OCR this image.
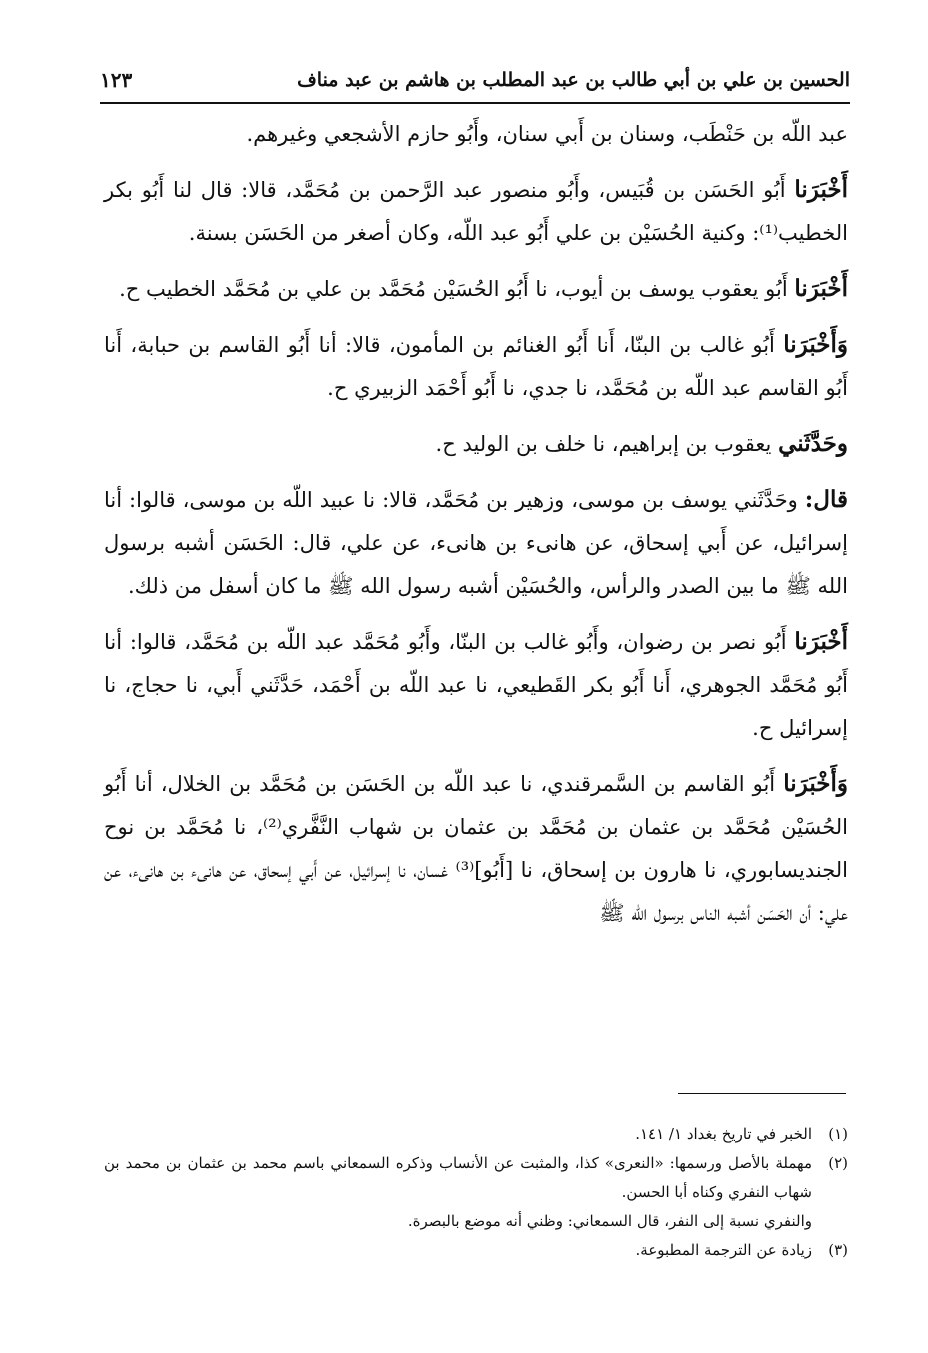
الحسين بن علي بن أبي طالب بن عبد المطلب بن هاشم بن عبد مناف
١٢٣

عبد اللّه بن حَنْطَب، وسنان بن أَبي سنان، وأَبُو حازم الأشجعي وغيرهم.

أَخْبَرَنا أَبُو الحَسَن بن قُبَيس، وأَبُو منصور عبد الرَّحمن بن مُحَمَّد، قالا: قال لنا أَبُو بكر الخطيب⁽¹⁾: وكنية الحُسَيْن بن علي أَبُو عبد اللّه، وكان أصغر من الحَسَن بسنة.

أَخْبَرَنا أَبُو يعقوب يوسف بن أيوب، نا أَبُو الحُسَيْن مُحَمَّد بن علي بن مُحَمَّد الخطيب ح.

وَأَخْبَرَنا أَبُو غالب بن البنّا، أَنا أَبُو الغنائم بن المأمون، قالا: أنا أَبُو القاسم بن حبابة، أَنا أَبُو القاسم عبد اللّه بن مُحَمَّد، نا جدي، نا أَبُو أَحْمَد الزبيري ح.

وحَدَّثَني يعقوب بن إبراهيم، نا خلف بن الوليد ح.

قال: وحَدَّثَني يوسف بن موسى، وزهير بن مُحَمَّد، قالا: نا عبيد اللّه بن موسى، قالوا: أنا إسرائيل، عن أَبي إسحاق، عن هانىء بن هانىء، عن علي، قال: الحَسَن أشبه برسول الله ﷺ ما بين الصدر والرأس، والحُسَيْن أشبه رسول الله ﷺ ما كان أسفل من ذلك.

أَخْبَرَنا أَبُو نصر بن رضوان، وأَبُو غالب بن البنّا، وأَبُو مُحَمَّد عبد اللّه بن مُحَمَّد، قالوا: أنا أَبُو مُحَمَّد الجوهري، أَنا أَبُو بكر القَطيعي، نا عبد اللّه بن أَحْمَد، حَدَّثَني أَبي، نا حجاج، نا إسرائيل ح.

وَأَخْبَرَنا أَبُو القاسم بن السَّمرقندي، نا عبد اللّه بن الحَسَن بن مُحَمَّد بن الخلال، أنا أَبُو الحُسَيْن مُحَمَّد بن عثمان بن مُحَمَّد بن عثمان بن شهاب النَّفَّري⁽²⁾، نا مُحَمَّد بن نوح الجنديسابوري، نا هارون بن إسحاق، نا [أَبُو]⁽³⁾ غسان، نا إسرائيل، عن أَبي إسحاق، عن هانىء بن هانىء، عن علي: أن الحَسَن أشبه الناس برسول الله ﷺ

(١)
الخبر في تاريخ بغداد ١/ ١٤١.
(٢)
مهملة بالأصل ورسمها: «النعرى» كذا، والمثبت عن الأنساب وذكره السمعاني باسم محمد بن عثمان بن محمد بن شهاب النفري وكناه أبا الحسن.
والنفري نسبة إلى النفر، قال السمعاني: وظني أنه موضع بالبصرة.
(٣)
زيادة عن الترجمة المطبوعة.
